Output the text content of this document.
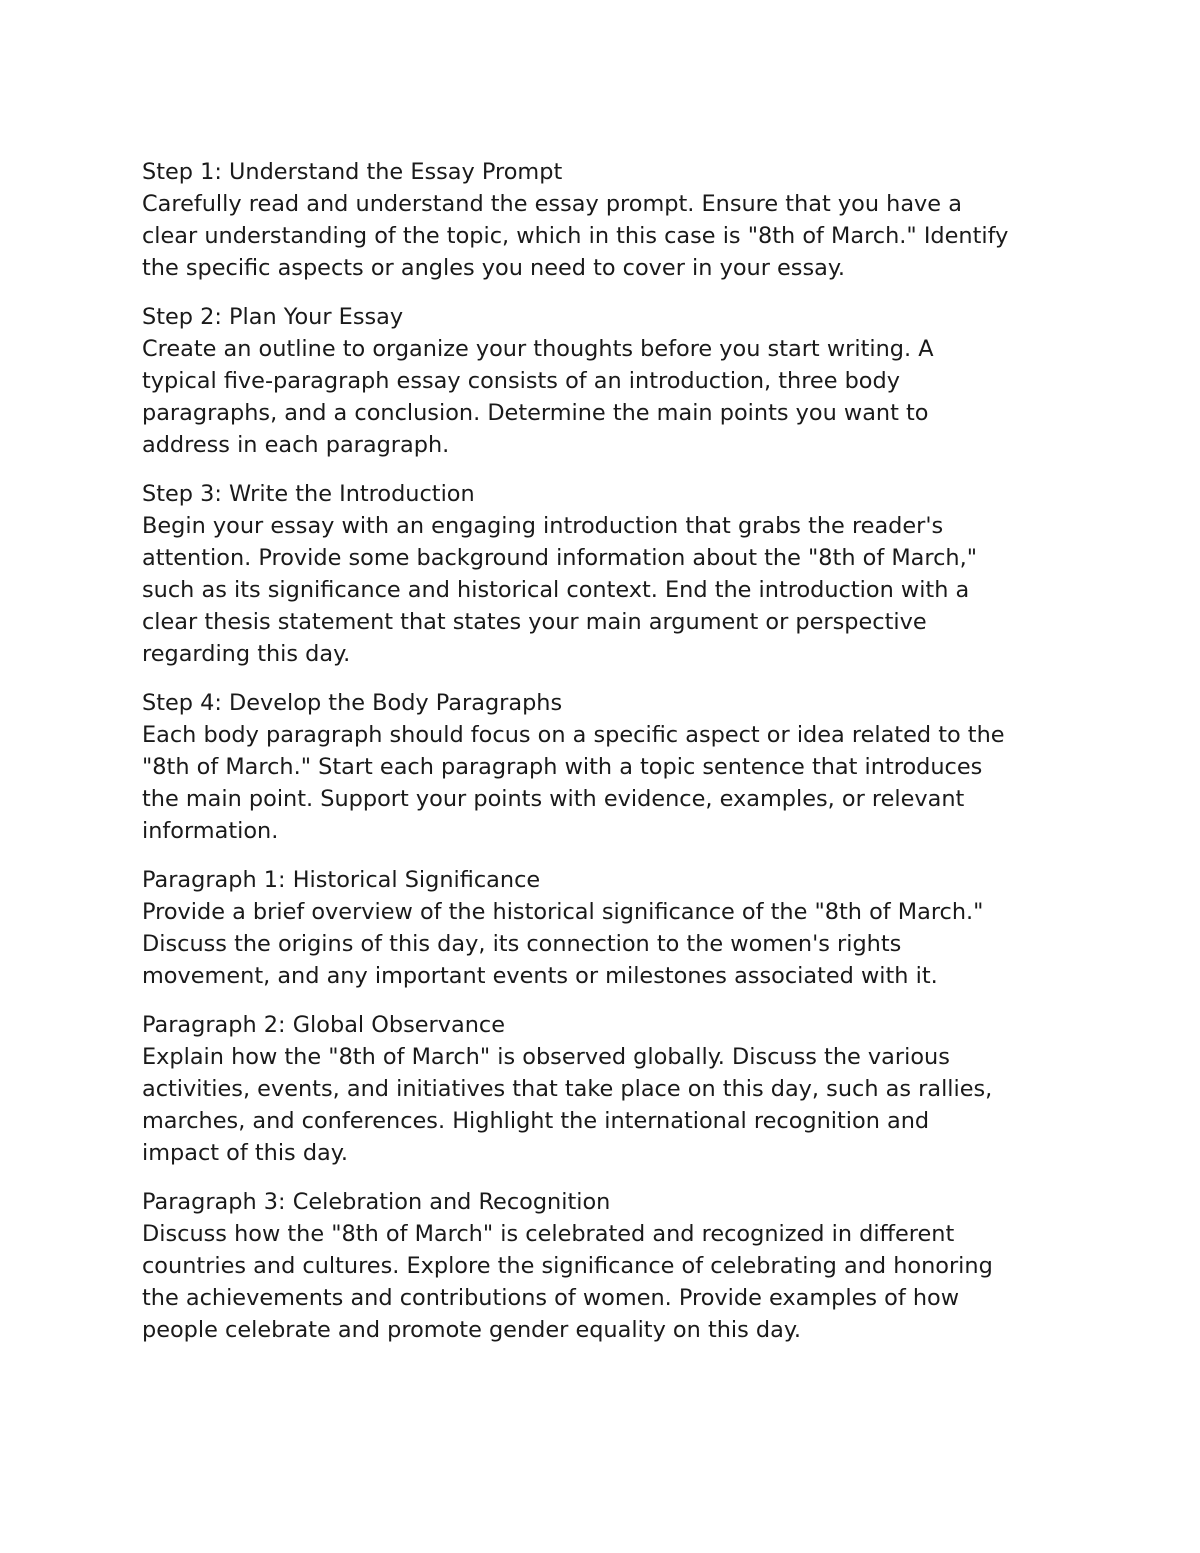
Step 1: Understand the Essay Prompt
Carefully read and understand the essay prompt. Ensure that you have a
clear understanding of the topic, which in this case is "8th of March." Identify
the specific aspects or angles you need to cover in your essay.
Step 2: Plan Your Essay
Create an outline to organize your thoughts before you start writing. A
typical five-paragraph essay consists of an introduction, three body
paragraphs, and a conclusion. Determine the main points you want to
address in each paragraph.
Step 3: Write the Introduction
Begin your essay with an engaging introduction that grabs the reader's
attention. Provide some background information about the "8th of March,"
such as its significance and historical context. End the introduction with a
clear thesis statement that states your main argument or perspective
regarding this day.
Step 4: Develop the Body Paragraphs
Each body paragraph should focus on a specific aspect or idea related to the
"8th of March." Start each paragraph with a topic sentence that introduces
the main point. Support your points with evidence, examples, or relevant
information.
Paragraph 1: Historical Significance
Provide a brief overview of the historical significance of the "8th of March."
Discuss the origins of this day, its connection to the women's rights
movement, and any important events or milestones associated with it.
Paragraph 2: Global Observance
Explain how the "8th of March" is observed globally. Discuss the various
activities, events, and initiatives that take place on this day, such as rallies,
marches, and conferences. Highlight the international recognition and
impact of this day.
Paragraph 3: Celebration and Recognition
Discuss how the "8th of March" is celebrated and recognized in different
countries and cultures. Explore the significance of celebrating and honoring
the achievements and contributions of women. Provide examples of how
people celebrate and promote gender equality on this day.
